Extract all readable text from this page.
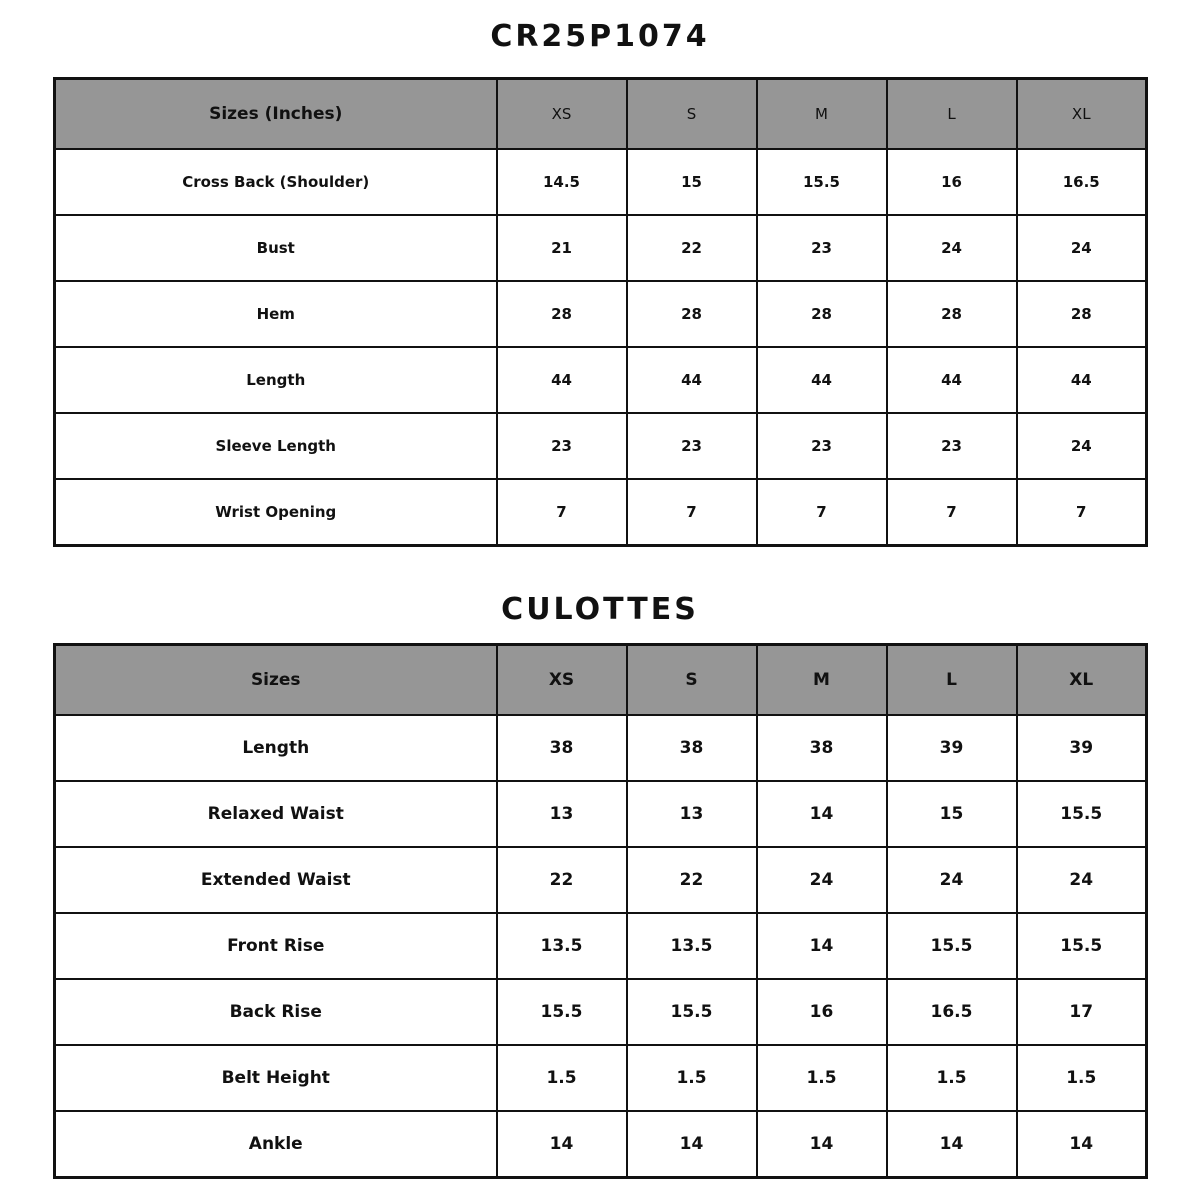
CR25P1074
Sizes (Inches)	XS	S	M	L	XL
Cross Back (Shoulder)	14.5	15	15.5	16	16.5
Bust	21	22	23	24	24
Hem	28	28	28	28	28
Length	44	44	44	44	44
Sleeve Length	23	23	23	23	24
Wrist Opening	7	7	7	7	7
CULOTTES
Sizes	XS	S	M	L	XL
Length	38	38	38	39	39
Relaxed Waist	13	13	14	15	15.5
Extended Waist	22	22	24	24	24
Front Rise	13.5	13.5	14	15.5	15.5
Back Rise	15.5	15.5	16	16.5	17
Belt Height	1.5	1.5	1.5	1.5	1.5
Ankle	14	14	14	14	14
